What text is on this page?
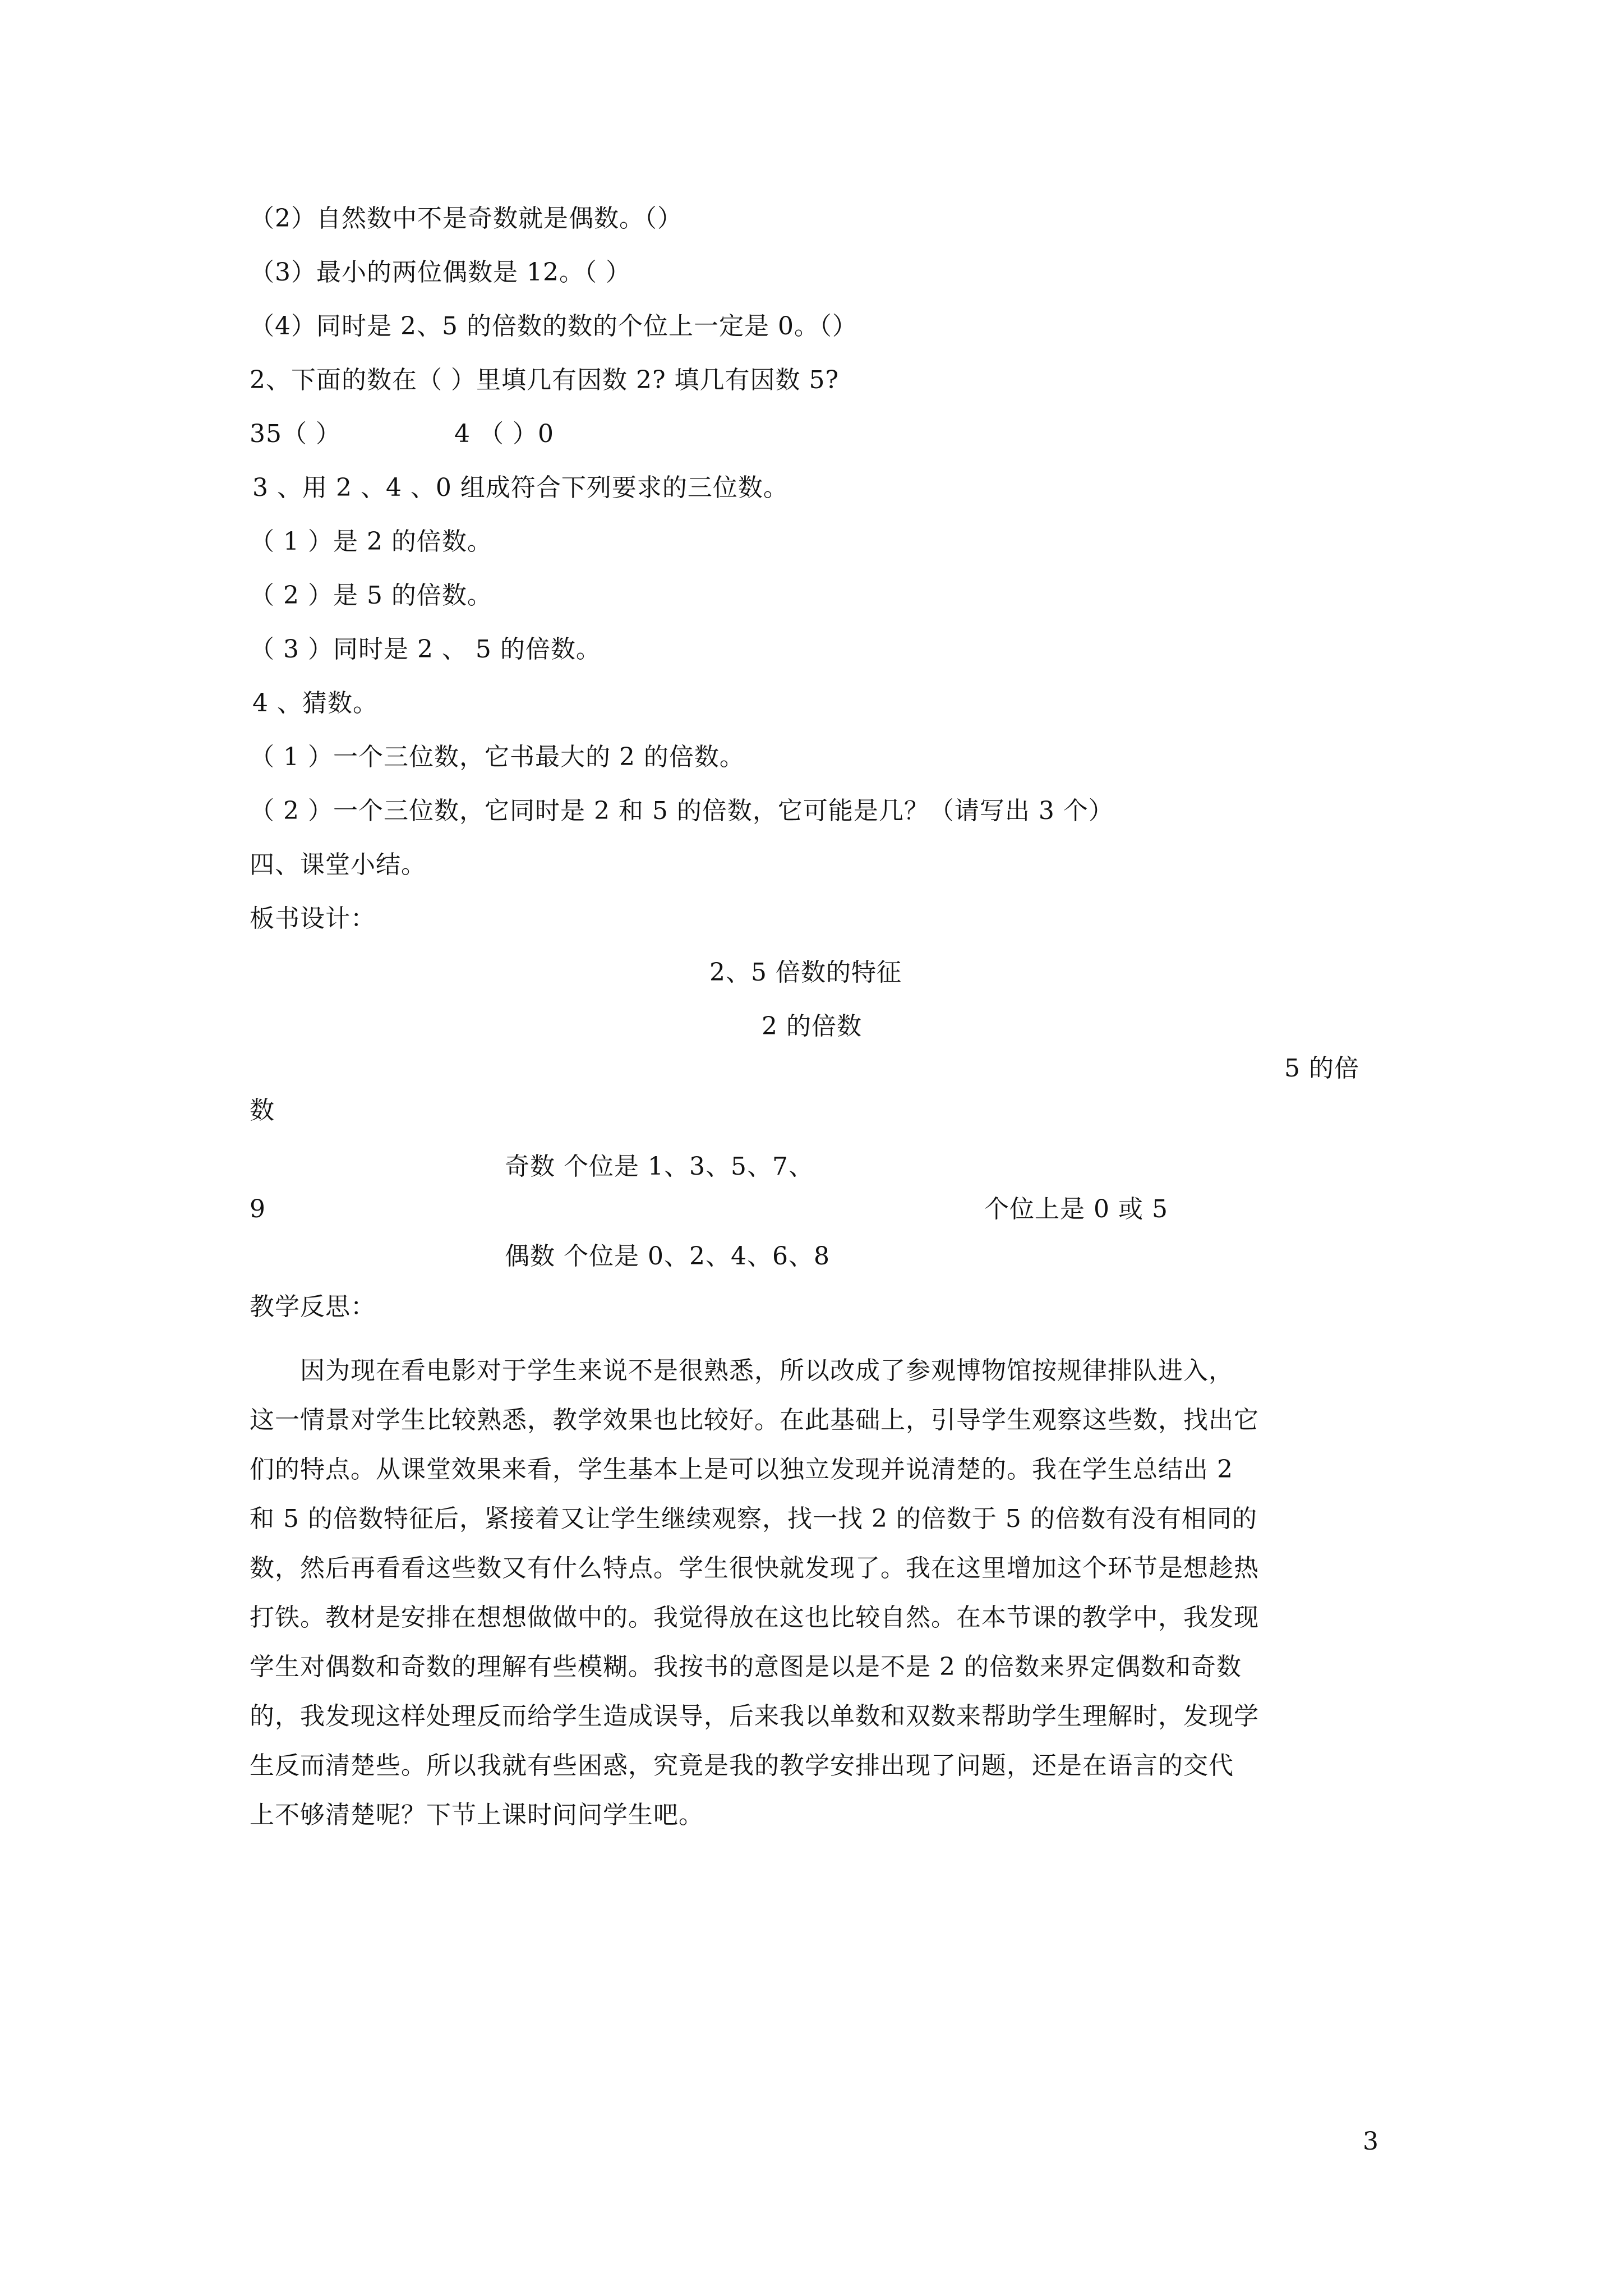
（2）自然数中不是奇数就是偶数。（）
（3）最小的两位偶数是 12。（ ）
（4）同时是 2、5 的倍数的数的个位上一定是 0。（）
2、下面的数在（ ）里填几有因数 2? 填几有因数 5?
35（ ）	4 （ ）0
3 、用 2 、4 、0 组成符合下列要求的三位数。
（ 1 ）是 2 的倍数。
（ 2 ）是 5 的倍数。
（ 3 ）同时是 2 、 5 的倍数。
4 、猜数。
（ 1 ）一个三位数，它书最大的 2 的倍数。
（ 2 ）一个三位数，它同时是 2 和 5 的倍数，它可能是几？（请写出 3 个）
四、课堂小结。
板书设计：
2、5 倍数的特征
2 的倍数
5 的倍
数
奇数 个位是 1、3、5、7、
9	个位上是 0 或 5
偶数 个位是 0、2、4、6、8
教学反思：
　　因为现在看电影对于学生来说不是很熟悉，所以改成了参观博物馆按规律排队进入，
这一情景对学生比较熟悉，教学效果也比较好。在此基础上，引导学生观察这些数，找出它
们的特点。从课堂效果来看，学生基本上是可以独立发现并说清楚的。我在学生总结出 2
和 5 的倍数特征后，紧接着又让学生继续观察，找一找 2 的倍数于 5 的倍数有没有相同的
数，然后再看看这些数又有什么特点。学生很快就发现了。我在这里增加这个环节是想趁热
打铁。教材是安排在想想做做中的。我觉得放在这也比较自然。在本节课的教学中，我发现
学生对偶数和奇数的理解有些模糊。我按书的意图是以是不是 2 的倍数来界定偶数和奇数
的，我发现这样处理反而给学生造成误导，后来我以单数和双数来帮助学生理解时，发现学
生反而清楚些。所以我就有些困惑，究竟是我的教学安排出现了问题，还是在语言的交代
上不够清楚呢？下节上课时问问学生吧。
3
